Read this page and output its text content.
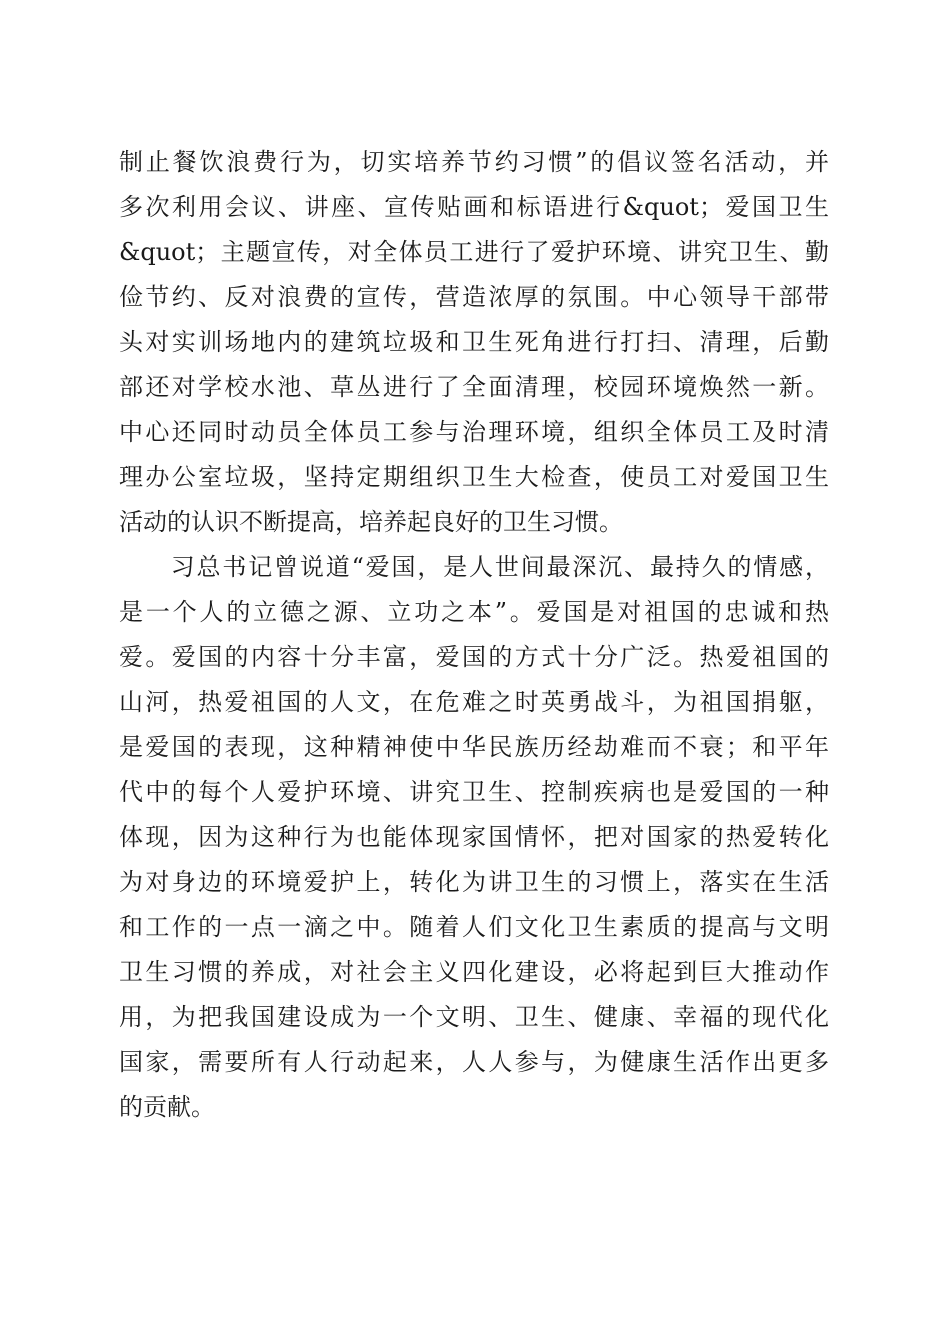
制止餐饮浪费行为，切实培养节约习惯”的倡议签名活动，并
多次利用会议、讲座、宣传贴画和标语进行&quot；爱国卫生
&quot；主题宣传，对全体员工进行了爱护环境、讲究卫生、勤
俭节约、反对浪费的宣传，营造浓厚的氛围。中心领导干部带
头对实训场地内的建筑垃圾和卫生死角进行打扫、清理，后勤
部还对学校水池、草丛进行了全面清理，校园环境焕然一新。
中心还同时动员全体员工参与治理环境，组织全体员工及时清
理办公室垃圾，坚持定期组织卫生大检查，使员工对爱国卫生
活动的认识不断提高，培养起良好的卫生习惯。
　　习总书记曾说道“爱国，是人世间最深沉、最持久的情感，
是一个人的立德之源、立功之本”。爱国是对祖国的忠诚和热
爱。爱国的内容十分丰富，爱国的方式十分广泛。热爱祖国的
山河，热爱祖国的人文，在危难之时英勇战斗，为祖国捐躯，
是爱国的表现，这种精神使中华民族历经劫难而不衰；和平年
代中的每个人爱护环境、讲究卫生、控制疾病也是爱国的一种
体现，因为这种行为也能体现家国情怀，把对国家的热爱转化
为对身边的环境爱护上，转化为讲卫生的习惯上，落实在生活
和工作的一点一滴之中。随着人们文化卫生素质的提高与文明
卫生习惯的养成，对社会主义四化建设，必将起到巨大推动作
用，为把我国建设成为一个文明、卫生、健康、幸福的现代化
国家，需要所有人行动起来，人人参与，为健康生活作出更多
的贡献。
